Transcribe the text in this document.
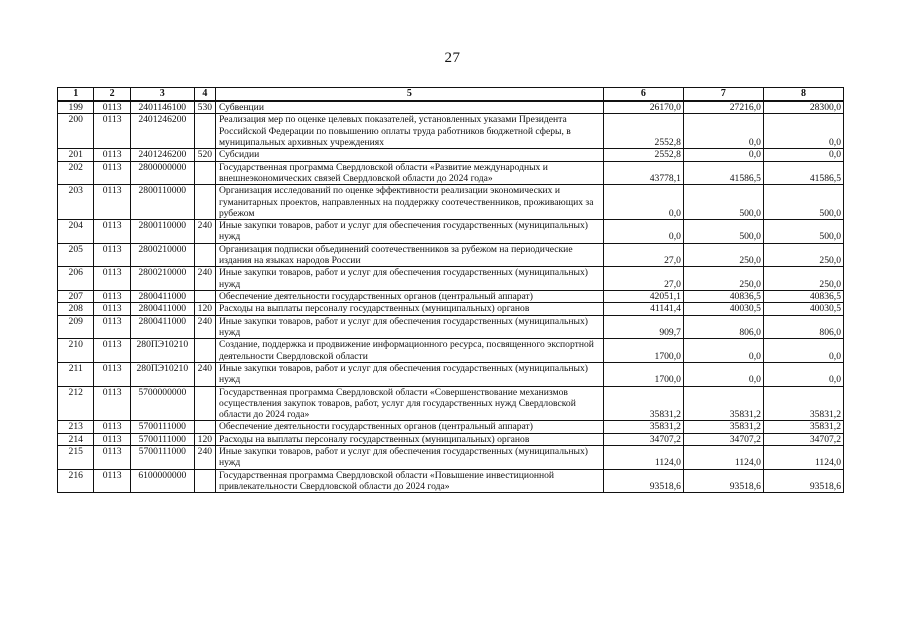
27
1	2	3	4	5	6	7	8
199	0113	2401146100	530	Субвенции	26170,0	27216,0	28300,0
200	0113	2401246200		Реализация мер по оценке целевых показателей, установленных указами Президента Российской Федерации по повышению оплаты труда работников бюджетной сферы, в муниципальных архивных учреждениях	2552,8	0,0	0,0
201	0113	2401246200	520	Субсидии	2552,8	0,0	0,0
202	0113	2800000000		Государственная программа Свердловской области «Развитие международных и внешнеэкономических связей Свердловской области до 2024 года»	43778,1	41586,5	41586,5
203	0113	2800110000		Организация исследований по оценке эффективности реализации экономических и гуманитарных проектов, направленных на поддержку соотечественников, проживающих за рубежом	0,0	500,0	500,0
204	0113	2800110000	240	Иные закупки товаров, работ и услуг для обеспечения государственных (муниципальных) нужд	0,0	500,0	500,0
205	0113	2800210000		Организация подписки объединений соотечественников за рубежом на периодические издания на языках народов России	27,0	250,0	250,0
206	0113	2800210000	240	Иные закупки товаров, работ и услуг для обеспечения государственных (муниципальных) нужд	27,0	250,0	250,0
207	0113	2800411000		Обеспечение деятельности государственных органов (центральный аппарат)	42051,1	40836,5	40836,5
208	0113	2800411000	120	Расходы на выплаты персоналу государственных (муниципальных) органов	41141,4	40030,5	40030,5
209	0113	2800411000	240	Иные закупки товаров, работ и услуг для обеспечения государственных (муниципальных) нужд	909,7	806,0	806,0
210	0113	280ПЭ10210		Создание, поддержка и продвижение информационного ресурса, посвященного экспортной деятельности Свердловской области	1700,0	0,0	0,0
211	0113	280ПЭ10210	240	Иные закупки товаров, работ и услуг для обеспечения государственных (муниципальных) нужд	1700,0	0,0	0,0
212	0113	5700000000		Государственная программа Свердловской области «Совершенствование механизмов осуществления закупок товаров, работ, услуг для государственных нужд Свердловской области до 2024 года»	35831,2	35831,2	35831,2
213	0113	5700111000		Обеспечение деятельности государственных органов (центральный аппарат)	35831,2	35831,2	35831,2
214	0113	5700111000	120	Расходы на выплаты персоналу государственных (муниципальных) органов	34707,2	34707,2	34707,2
215	0113	5700111000	240	Иные закупки товаров, работ и услуг для обеспечения государственных (муниципальных) нужд	1124,0	1124,0	1124,0
216	0113	6100000000		Государственная программа Свердловской области «Повышение инвестиционной привлекательности Свердловской области до 2024 года»	93518,6	93518,6	93518,6
